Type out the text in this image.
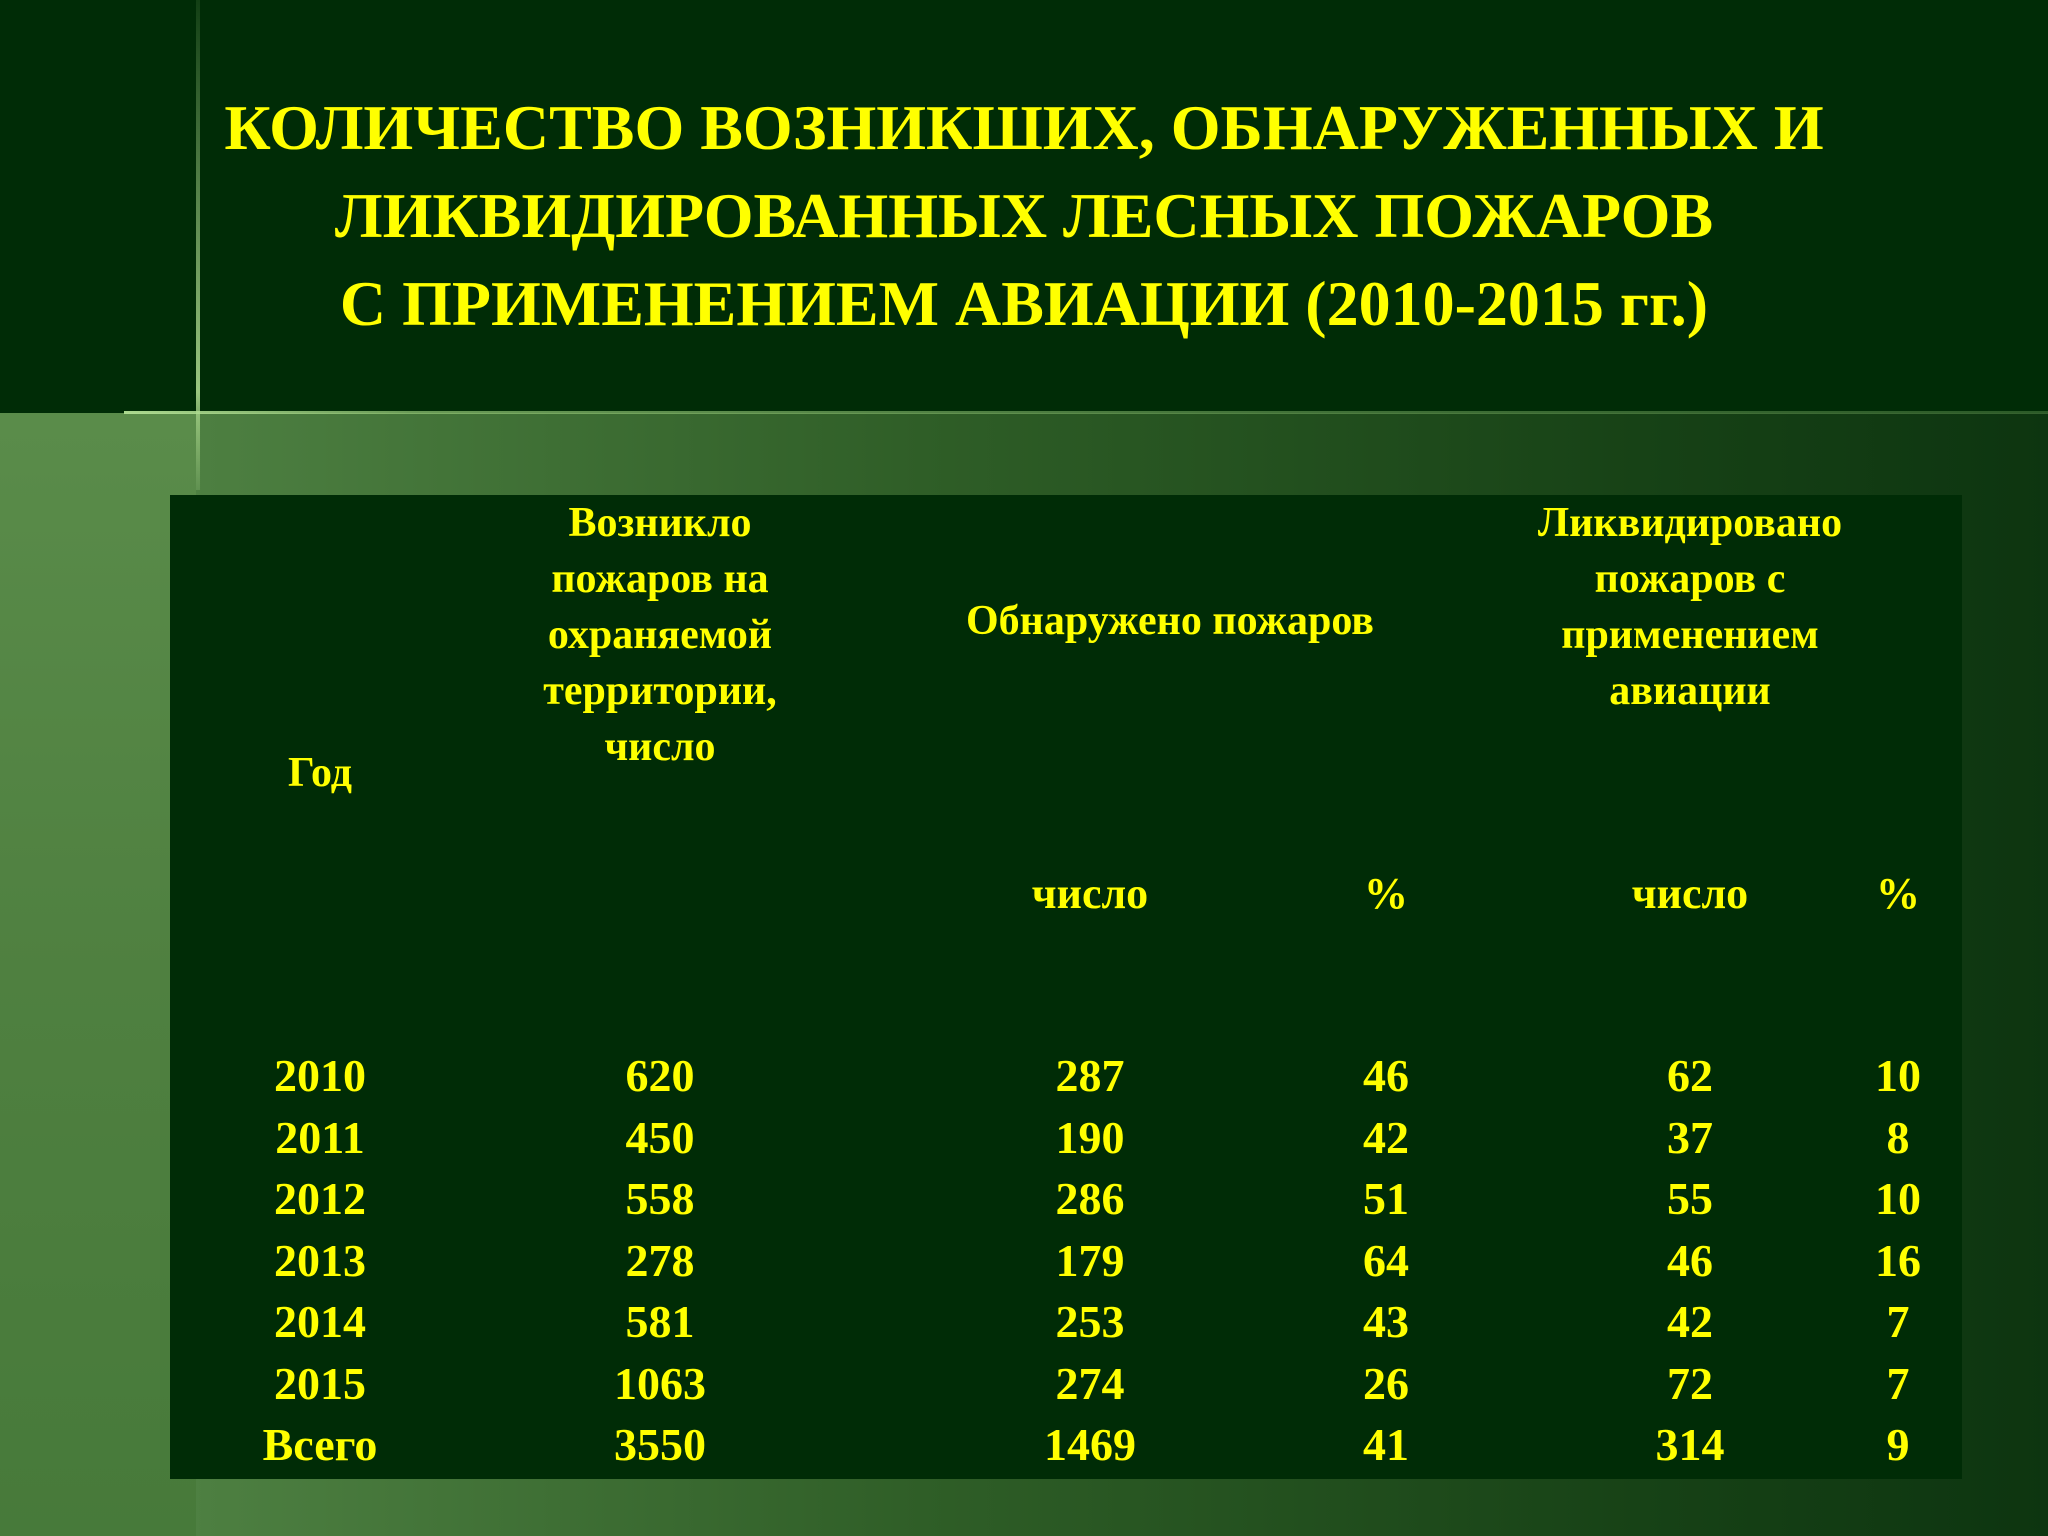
КОЛИЧЕСТВО ВОЗНИКШИХ, ОБНАРУЖЕННЫХ И
ЛИКВИДИРОВАННЫХ ЛЕСНЫХ ПОЖАРОВ
С ПРИМЕНЕНИЕМ АВИАЦИИ (2010-2015 гг.)
Год
Возникло
пожаров на
охраняемой
территории,
число
Обнаружено пожаров
Ликвидировано
пожаров с
применением
авиации
число	%	число	%
2010	620	287	46	62	10
2011	450	190	42	37	8
2012	558	286	51	55	10
2013	278	179	64	46	16
2014	581	253	43	42	7
2015	1063	274	26	72	7
Всего	3550	1469	41	314	9
